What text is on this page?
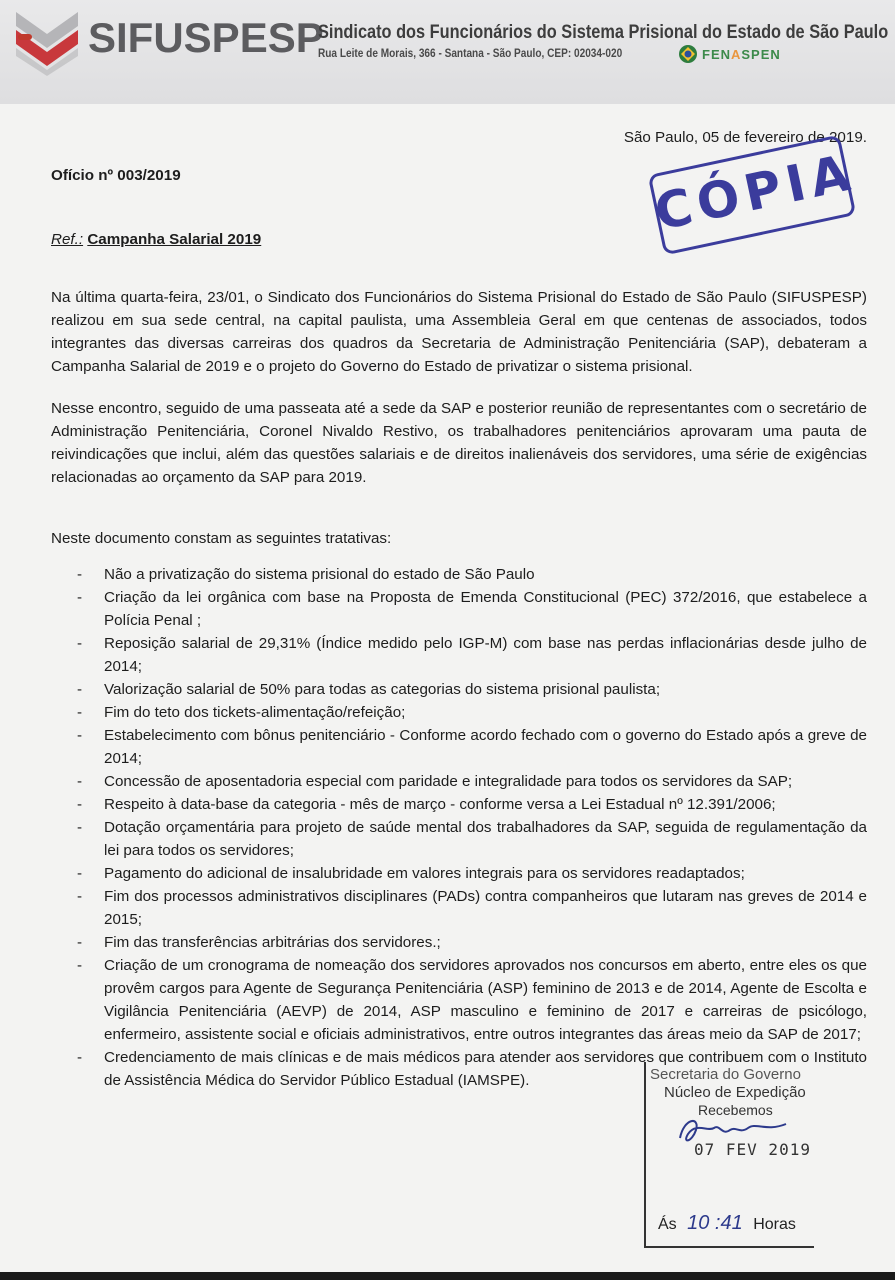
SIFUSPESP
Sindicato dos Funcionários do Sistema Prisional do Estado de São Paulo
Rua Leite de Morais, 366 - Santana - São Paulo, CEP: 02034-020	FENASPEN
São Paulo, 05 de fevereiro de 2019.
Ofício nº 003/2019
Ref.: Campanha Salarial 2019
Na última quarta-feira, 23/01, o Sindicato dos Funcionários do Sistema Prisional do Estado de São Paulo (SIFUSPESP) realizou em sua sede central, na capital paulista, uma Assembleia Geral em que centenas de associados, todos integrantes das diversas carreiras dos quadros da Secretaria de Administração Penitenciária (SAP), debateram a Campanha Salarial de 2019 e o projeto do Governo do Estado de privatizar o sistema prisional.
Nesse encontro, seguido de uma passeata até a sede da SAP e posterior reunião de representantes com o secretário de Administração Penitenciária, Coronel Nivaldo Restivo, os trabalhadores penitenciários aprovaram uma pauta de reivindicações que inclui, além das questões salariais e de direitos inalienáveis dos servidores, uma série de exigências relacionadas ao orçamento da SAP para 2019.
Neste documento constam as seguintes tratativas:
- Não a privatização do sistema prisional do estado de São Paulo
- Criação da lei orgânica com base na Proposta de Emenda Constitucional (PEC) 372/2016, que estabelece a Polícia Penal ;
- Reposição salarial de 29,31% (Índice medido pelo IGP-M) com base nas perdas inflacionárias desde julho de 2014;
- Valorização salarial de 50% para todas as categorias do sistema prisional paulista;
- Fim do teto dos tickets-alimentação/refeição;
- Estabelecimento com bônus penitenciário - Conforme acordo fechado com o governo do Estado após a greve de 2014;
- Concessão de aposentadoria especial com paridade e integralidade para todos os servidores da SAP;
- Respeito à data-base da categoria - mês de março - conforme versa a Lei Estadual nº 12.391/2006;
- Dotação orçamentária para projeto de saúde mental dos trabalhadores da SAP, seguida de regulamentação da lei para todos os servidores;
- Pagamento do adicional de insalubridade em valores integrais para os servidores readaptados;
- Fim dos processos administrativos disciplinares (PADs) contra companheiros que lutaram nas greves de 2014 e 2015;
- Fim das transferências arbitrárias dos servidores.;
- Criação de um cronograma de nomeação dos servidores aprovados nos concursos em aberto, entre eles os que provêm cargos para Agente de Segurança Penitenciária (ASP) feminino de 2013 e de 2014, Agente de Escolta e Vigilância Penitenciária (AEVP) de 2014, ASP masculino e feminino de 2017 e carreiras de psicólogo, enfermeiro, assistente social e oficiais administrativos, entre outros integrantes das áreas meio da SAP de 2017;
- Credenciamento de mais clínicas e de mais médicos para atender aos servidores que contribuem com o Instituto de Assistência Médica do Servidor Público Estadual (IAMSPE).
CÓPIA
Secretaria do Governo
Núcleo de Expedição
Recebemos
07 FEV 2019
Ás 10 :41 Horas
